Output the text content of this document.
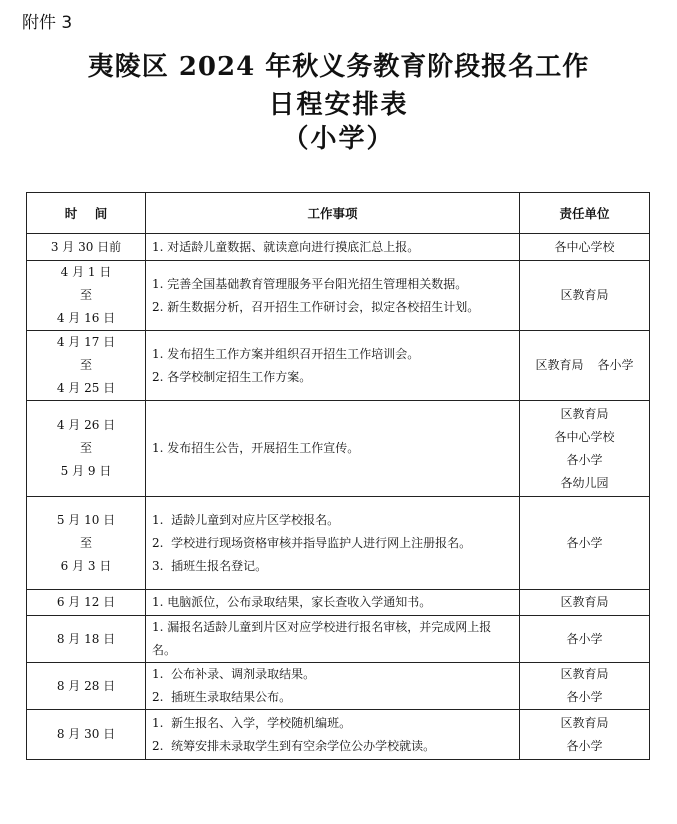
附件 3
夷陵区 2024 年秋义务教育阶段报名工作
日程安排表
（小学）
时    间	工作事项	责任单位

3 月 30 日前	1. 对适龄儿童数据、就读意向进行摸底汇总上报。	各中心学校

4 月 1 日
至
4 月 16 日	1. 完善全国基础教育管理服务平台阳光招生管理相关数据。
2. 新生数据分析，召开招生工作研讨会，拟定各校招生计划。	区教育局

4 月 17 日
至
4 月 25 日	1. 发布招生工作方案并组织召开招生工作培训会。
2. 各学校制定招生工作方案。	区教育局 各小学

4 月 26 日
至
5 月 9 日	1. 发布招生公告，开展招生工作宣传。	区教育局
各中心学校
各小学
各幼儿园

5 月 10 日
至
6 月 3 日	1.  适龄儿童到对应片区学校报名。
2.  学校进行现场资格审核并指导监护人进行网上注册报名。
3.  插班生报名登记。	各小学

6 月 12 日	1. 电脑派位，公布录取结果，家长查收入学通知书。	区教育局

8 月 18 日	1. 漏报名适龄儿童到片区对应学校进行报名审核，并完成网上报名。	各小学

8 月 28 日	1.  公布补录、调剂录取结果。
2.  插班生录取结果公布。	区教育局
各小学

8 月 30 日	1.  新生报名、入学，学校随机编班。
2.  统筹安排未录取学生到有空余学位公办学校就读。	区教育局
各小学
